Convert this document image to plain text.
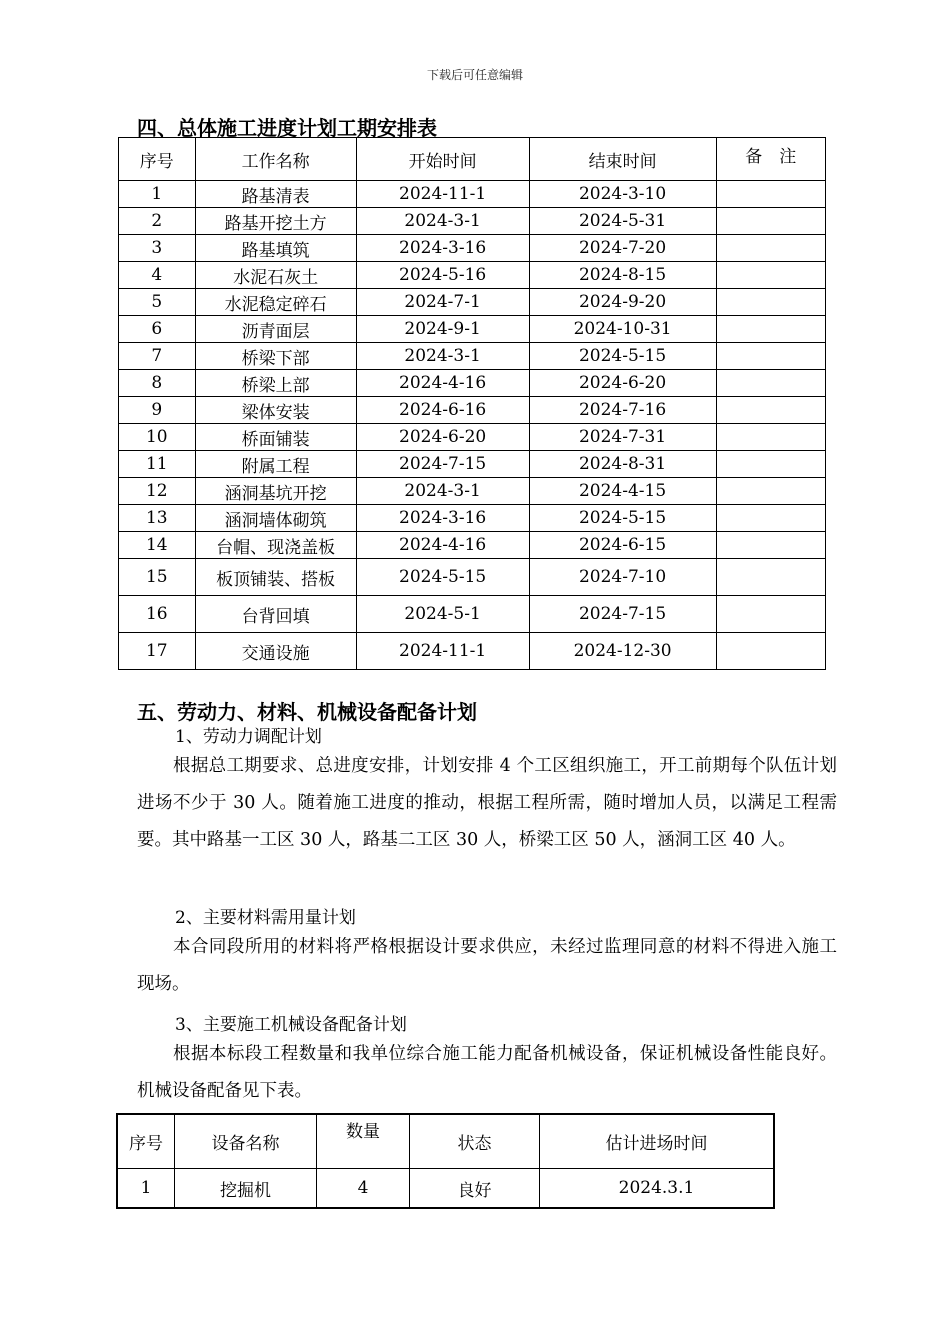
下载后可任意编辑
四、总体施工进度计划工期安排表
序号	工作名称	开始时间	结束时间	备　注
1	路基清表	2024-11-1	2024-3-10	
2	路基开挖土方	2024-3-1	2024-5-31	
3	路基填筑	2024-3-16	2024-7-20	
4	水泥石灰土	2024-5-16	2024-8-15	
5	水泥稳定碎石	2024-7-1	2024-9-20	
6	沥青面层	2024-9-1	2024-10-31	
7	桥梁下部	2024-3-1	2024-5-15	
8	桥梁上部	2024-4-16	2024-6-20	
9	梁体安装	2024-6-16	2024-7-16	
10	桥面铺装	2024-6-20	2024-7-31	
11	附属工程	2024-7-15	2024-8-31	
12	涵洞基坑开挖	2024-3-1	2024-4-15	
13	涵洞墙体砌筑	2024-3-16	2024-5-15	
14	台帽、现浇盖板	2024-4-16	2024-6-15	
15	板顶铺装、搭板	2024-5-15	2024-7-10	
16	台背回填	2024-5-1	2024-7-15	
17	交通设施	2024-11-1	2024-12-30	
五、劳动力、材料、机械设备配备计划

1、劳动力调配计划

根据总工期要求、总进度安排，计划安排 4 个工区组织施工，开工前期每个队伍计划进场不少于 30 人。随着施工进度的推动，根据工程所需，随时增加人员，以满足工程需要。其中路基一工区 30 人，路基二工区 30 人，桥梁工区 50 人，涵洞工区 40 人。

2、主要材料需用量计划

本合同段所用的材料将严格根据设计要求供应，未经过监理同意的材料不得进入施工现场。

3、主要施工机械设备配备计划

根据本标段工程数量和我单位综合施工能力配备机械设备，保证机械设备性能良好。机械设备配备见下表。

序号	设备名称	数量	状态	估计进场时间
1	挖掘机	4	良好	2024.3.1
